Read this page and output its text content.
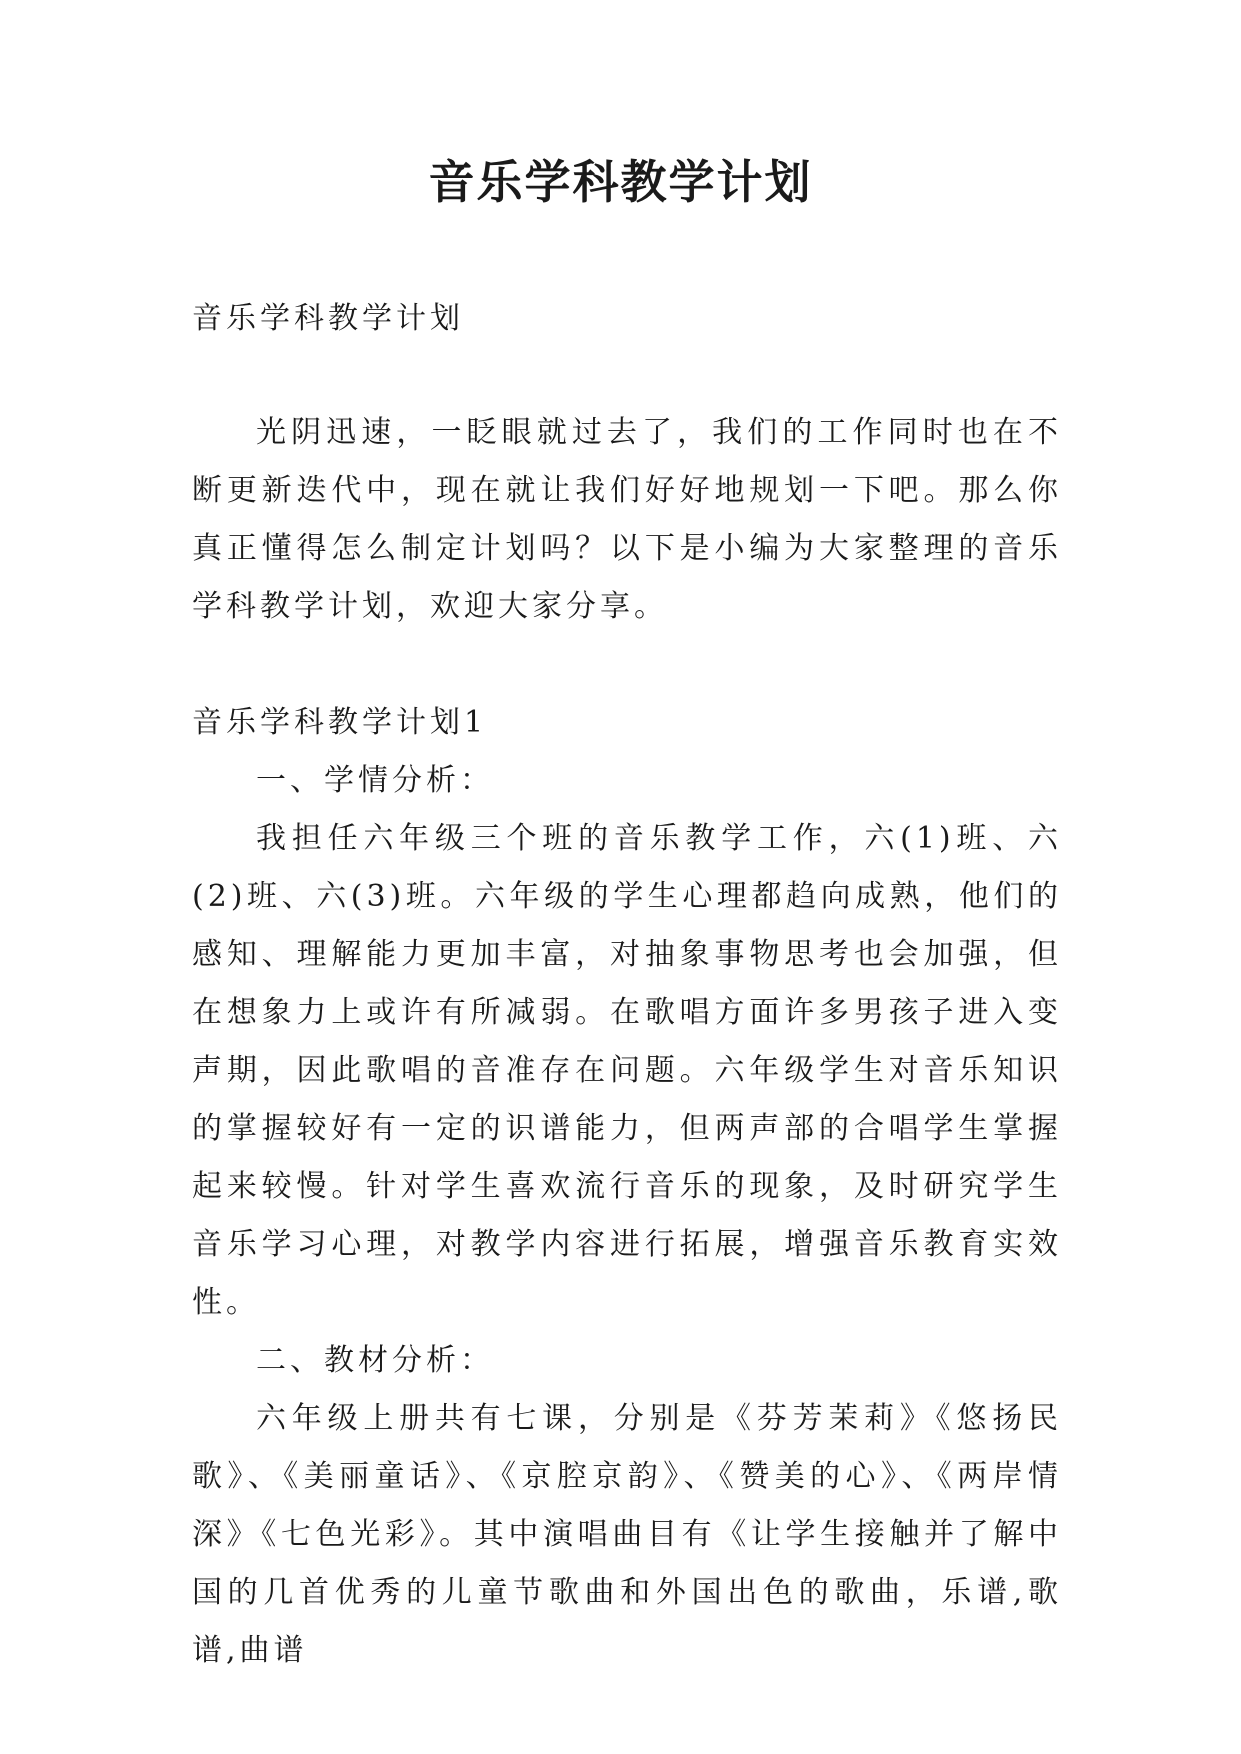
音乐学科教学计划

音乐学科教学计划

光阴迅速，一眨眼就过去了，我们的工作同时也在不断更新迭代中，现在就让我们好好地规划一下吧。那么你真正懂得怎么制定计划吗？以下是小编为大家整理的音乐学科教学计划，欢迎大家分享。

音乐学科教学计划1

一、学情分析：

我担任六年级三个班的音乐教学工作，六(1)班、六(2)班、六(3)班。六年级的学生心理都趋向成熟，他们的感知、理解能力更加丰富，对抽象事物思考也会加强，但在想象力上或许有所减弱。在歌唱方面许多男孩子进入变声期，因此歌唱的音准存在问题。六年级学生对音乐知识的掌握较好有一定的识谱能力，但两声部的合唱学生掌握起来较慢。针对学生喜欢流行音乐的现象，及时研究学生音乐学习心理，对教学内容进行拓展，增强音乐教育实效性。

二、教材分析：

六年级上册共有七课，分别是《芬芳茉莉》《悠扬民歌》、《美丽童话》、《京腔京韵》、《赞美的心》、《两岸情深》《七色光彩》。其中演唱曲目有《让学生接触并了解中国的几首优秀的儿童节歌曲和外国出色的歌曲，乐谱,歌谱,曲谱
